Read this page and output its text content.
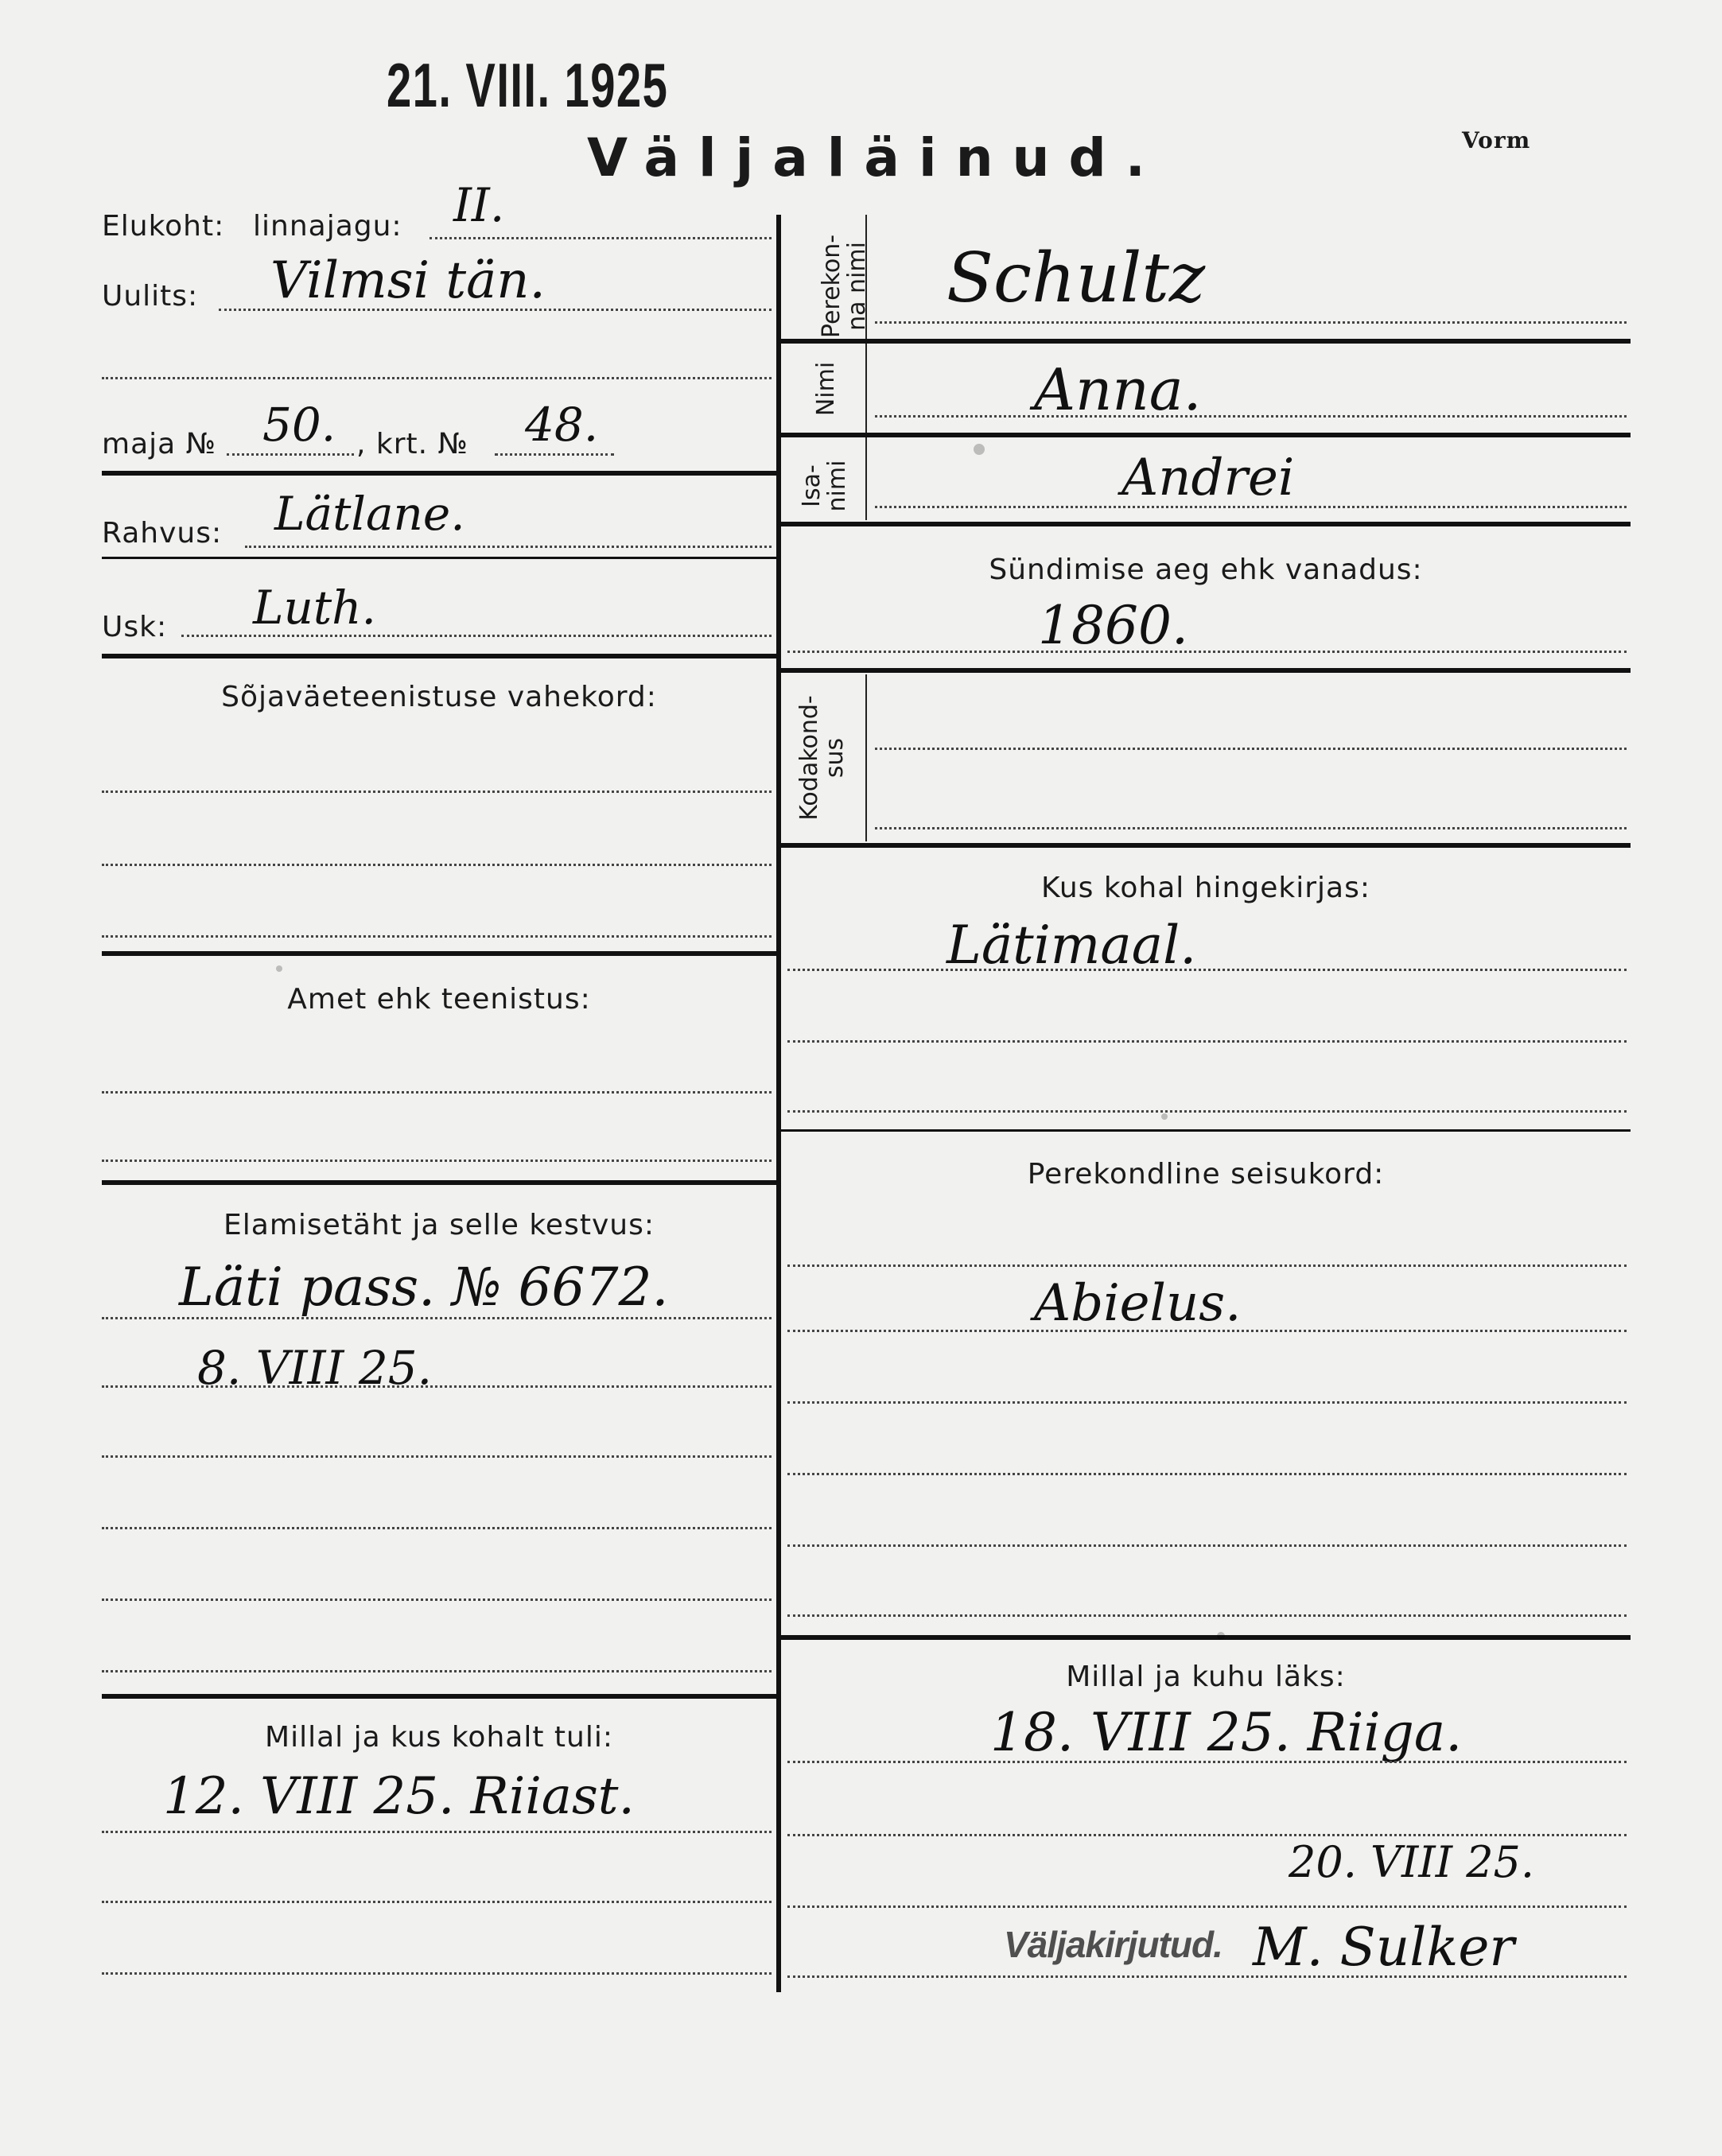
21. VIII. 1925
Väljaläinud.	Vorm
Elukoht: linnajagu: II.
Uulits: Vilmsi tän.
maja № 50. , krt. № 48.
Rahvus: Lätlane.
Usk: Luth.
Sõjaväeteenistuse vahekord:
Amet ehk teenistus:
Elamisetäht ja selle kestvus:
Läti pass. № 6672.
8. VIII 25.
Millal ja kus kohalt tuli:
12. VIII 25. Riiast.
Perekon-
na nimi Schultz
Nimi	Anna.
Isa-
nimi	Andrei
Sündimise aeg ehk vanadus:
1860.
Kodakond-
sus
Kus kohal hingekirjas:
Lätimaal.
Perekondline seisukord:
Abielus.
Millal ja kuhu läks:
18. VIII 25. Riiga.
20. VIII 25.
Väljakirjutud. M. Sulker
